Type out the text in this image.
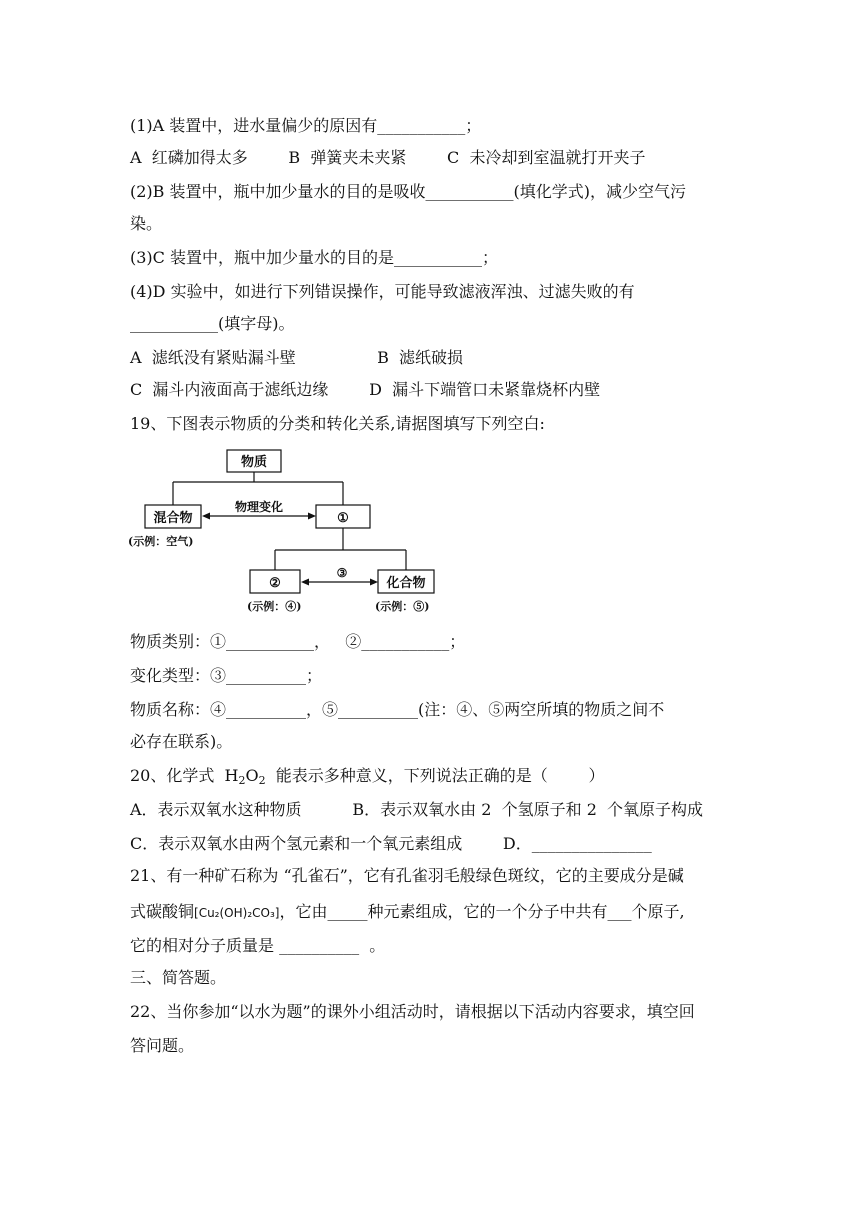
(1)A 装置中，进水量偏少的原因有___________；
A  红磷加得太多        B  弹簧夹未夹紧        C  未冷却到室温就打开夹子
(2)B 装置中，瓶中加少量水的目的是吸收___________(填化学式)，减少空气污
染。
(3)C 装置中，瓶中加少量水的目的是___________；
(4)D 实验中，如进行下列错误操作，可能导致滤液浑浊、过滤失败的有
___________(填字母)。
A  滤纸没有紧贴漏斗壁                B  滤纸破损
C  漏斗内液面高于滤纸边缘        D  漏斗下端管口未紧靠烧杯内壁
19、下图表示物质的分类和转化关系,请据图填写下列空白:
物质
混合物
物理变化
①
(示例：空气)
②
③
化合物
(示例：④)	(示例：⑤)
物质类别：①___________，   ②___________；
变化类型：③__________；
物质名称：④__________，⑤__________(注：④、⑤两空所填的物质之间不
必存在联系)。
20、化学式  $H_2O_2$  能表示多种意义，下列说法正确的是（        ）
A．表示双氧水这种物质          B．表示双氧水由 2  个氢原子和 2  个氧原子构成
C．表示双氧水由两个氢元素和一个氧元素组成        D．_______________
21、有一种矿石称为 “孔雀石”，它有孔雀羽毛般绿色斑纹，它的主要成分是碱
式碳酸铜[Cu₂(OH)₂CO₃]，它由_____种元素组成，它的一个分子中共有___个原子,
它的相对分子质量是 __________  。
三、简答题。
22、当你参加“以水为题”的课外小组活动时，请根据以下活动内容要求，填空回
答问题。
